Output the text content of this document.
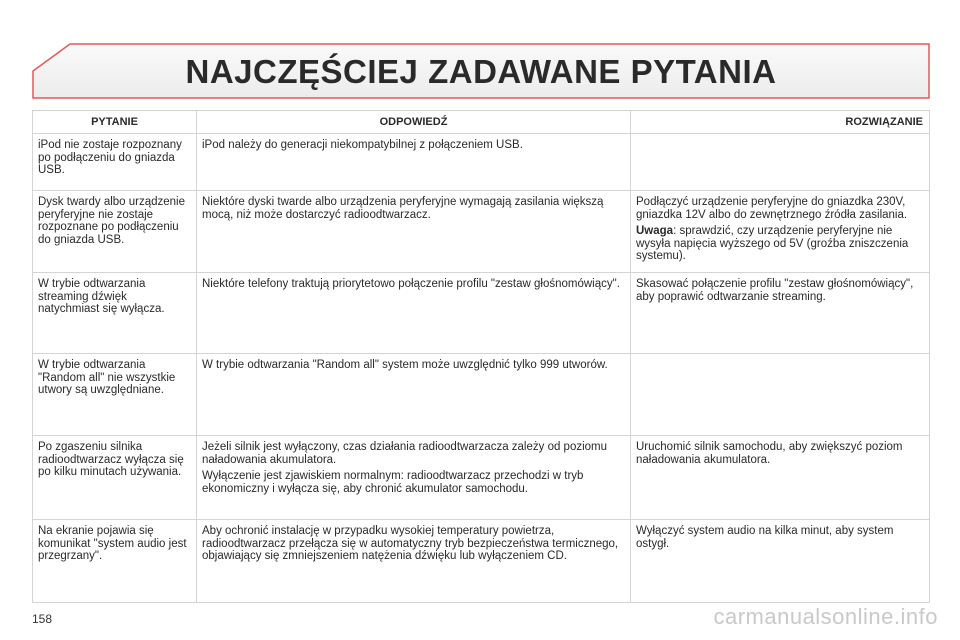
NAJCZĘŚCIEJ ZADAWANE PYTANIA
PYTANIE	ODPOWIEDŹ	ROZWIĄZANIE
iPod nie zostaje rozpoznany po podłączeniu do gniazda USB.	iPod należy do generacji niekompatybilnej z połączeniem USB.	
Dysk twardy albo urządzenie peryferyjne nie zostaje rozpoznane po podłączeniu do gniazda USB.	Niektóre dyski twarde albo urządzenia peryferyjne wymagają zasilania większą mocą, niż może dostarczyć radioodtwarzacz.	Podłączyć urządzenie peryferyjne do gniazdka 230V, gniazdka 12V albo do zewnętrznego źródła zasilania.

Uwaga: sprawdzić, czy urządzenie peryferyjne nie wysyła napięcia wyższego od 5V (groźba zniszczenia systemu).

W trybie odtwarzania streaming dźwięk natychmiast się wyłącza.	Niektóre telefony traktują priorytetowo połączenie profilu "zestaw głośnomówiący".	Skasować połączenie profilu "zestaw głośnomówiący", aby poprawić odtwarzanie streaming.
W trybie odtwarzania "Random all" nie wszystkie utwory są uwzględniane.	W trybie odtwarzania "Random all" system może uwzględnić tylko 999 utworów.	
Po zgaszeniu silnika radioodtwarzacz wyłącza się po kilku minutach używania.	Jeżeli silnik jest wyłączony, czas działania radioodtwarzacza zależy od poziomu naładowania akumulatora.

Wyłączenie jest zjawiskiem normalnym: radioodtwarzacz przechodzi w tryb ekonomiczny i wyłącza się, aby chronić akumulator samochodu.	Uruchomić silnik samochodu, aby zwiększyć poziom naładowania akumulatora.
Na ekranie pojawia się komunikat "system audio jest przegrzany".	Aby ochronić instalację w przypadku wysokiej temperatury powietrza, radioodtwarzacz przełącza się w automatyczny tryb bezpieczeństwa termicznego, objawiający się zmniejszeniem natężenia dźwięku lub wyłączeniem CD.	Wyłączyć system audio na kilka minut, aby system ostygł.
158	carmanualsonline.info
